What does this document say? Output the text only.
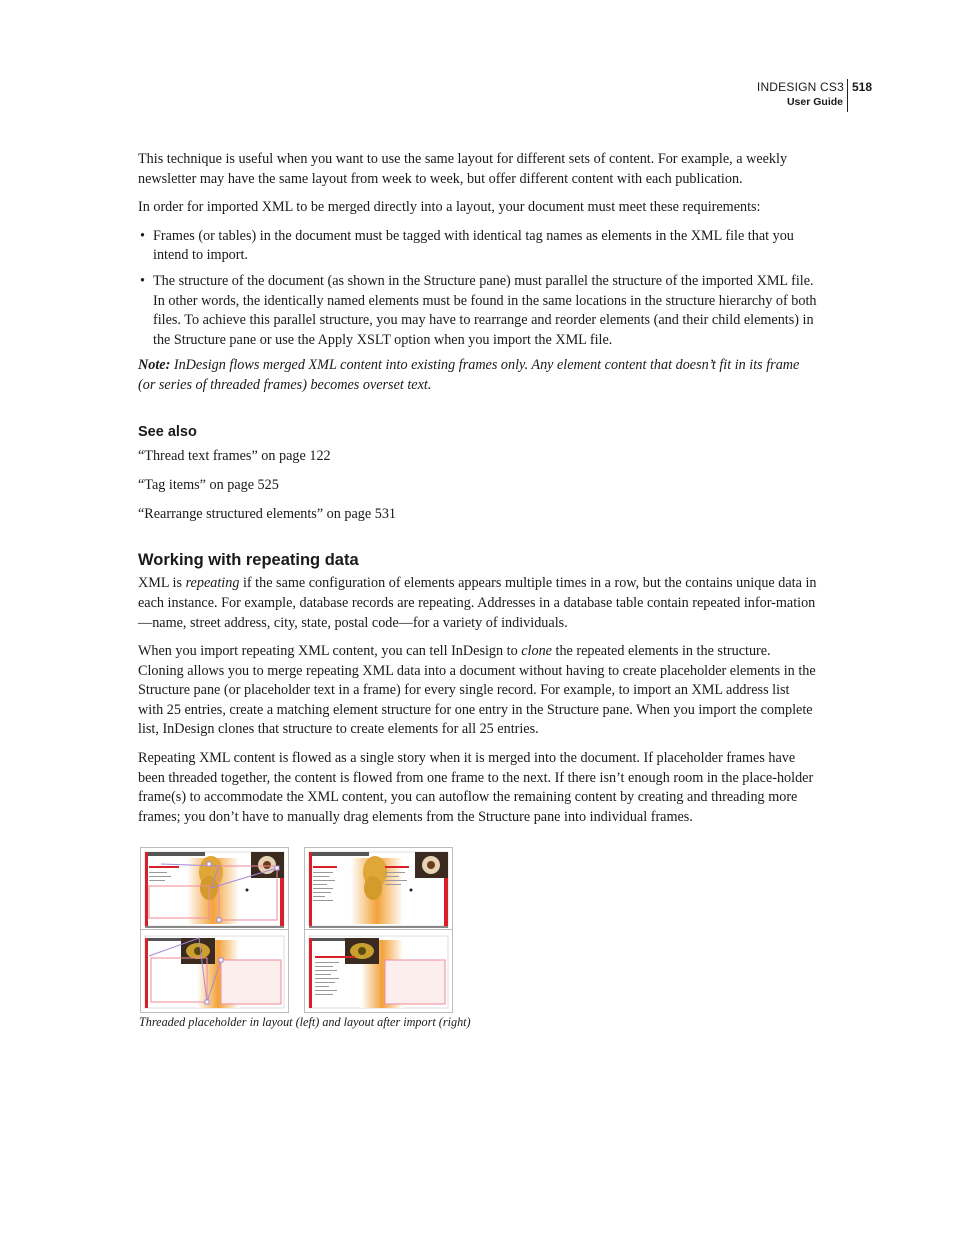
INDESIGN CS3
User Guide
518

This technique is useful when you want to use the same layout for different sets of content. For example, a weekly newsletter may have the same layout from week to week, but offer different content with each publication.

In order for imported XML to be merged directly into a layout, your document must meet these requirements:

• Frames (or tables) in the document must be tagged with identical tag names as elements in the XML file that you intend to import.
• The structure of the document (as shown in the Structure pane) must parallel the structure of the imported XML file. In other words, the identically named elements must be found in the same locations in the structure hierarchy of both files. To achieve this parallel structure, you may have to rearrange and reorder elements (and their child elements) in the Structure pane or use the Apply XSLT option when you import the XML file.

Note: InDesign flows merged XML content into existing frames only. Any element content that doesn’t fit in its frame (or series of threaded frames) becomes overset text.

See also

“Thread text frames” on page 122

“Tag items” on page 525

“Rearrange structured elements” on page 531

Working with repeating data

XML is repeating if the same configuration of elements appears multiple times in a row, but the contains unique data in each instance. For example, database records are repeating. Addresses in a database table contain repeated infor-mation—name, street address, city, state, postal code—for a variety of individuals.

When you import repeating XML content, you can tell InDesign to clone the repeated elements in the structure. Cloning allows you to merge repeating XML data into a document without having to create placeholder elements in the Structure pane (or placeholder text in a frame) for every single record. For example, to import an XML address list with 25 entries, create a matching element structure for one entry in the Structure pane. When you import the complete list, InDesign clones that structure to create elements for all 25 entries.

Repeating XML content is flowed as a single story when it is merged into the document. If placeholder frames have been threaded together, the content is flowed from one frame to the next. If there isn’t enough room in the place-holder frame(s) to accommodate the XML content, you can autoflow the remaining content by creating and threading more frames; you don’t have to manually drag elements from the Structure pane into individual frames.

Threaded placeholder in layout (left) and layout after import (right)
